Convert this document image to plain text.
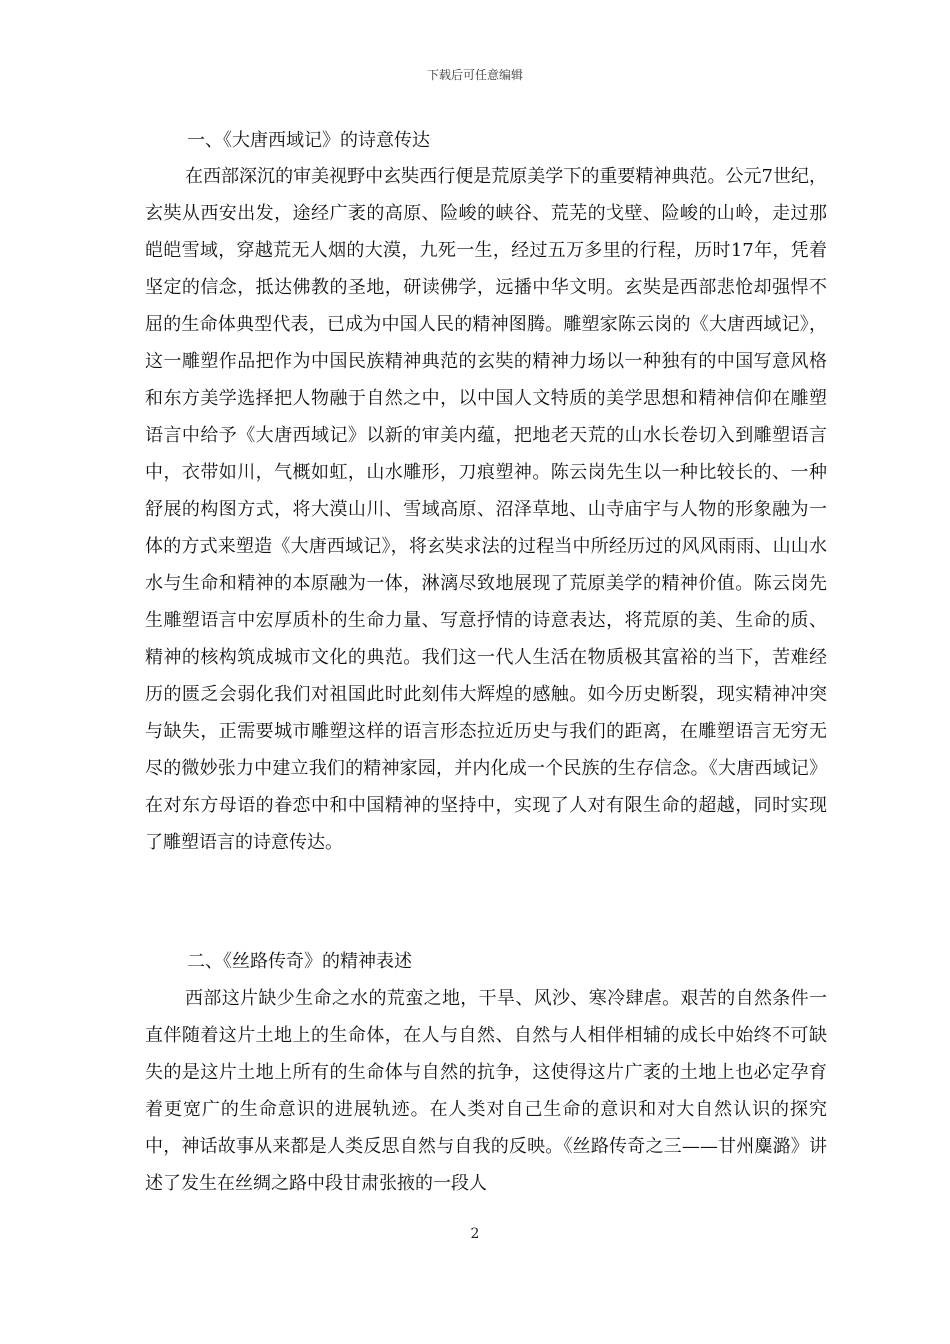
下载后可任意编辑
一、《大唐西域记》的诗意传达

在西部深沉的审美视野中玄奘西行便是荒原美学下的重要精神典范。公元7世纪，玄奘从西安出发，途经广袤的高原、险峻的峡谷、荒芜的戈壁、险峻的山岭，走过那皑皑雪域，穿越荒无人烟的大漠，九死一生，经过五万多里的行程，历时17年，凭着坚定的信念，抵达佛教的圣地，研读佛学，远播中华文明。玄奘是西部悲怆却强悍不屈的生命体典型代表，已成为中国人民的精神图腾。雕塑家陈云岗的《大唐西域记》，这一雕塑作品把作为中国民族精神典范的玄奘的精神力场以一种独有的中国写意风格和东方美学选择把人物融于自然之中，以中国人文特质的美学思想和精神信仰在雕塑语言中给予《大唐西域记》以新的审美内蕴，把地老天荒的山水长卷切入到雕塑语言中，衣带如川，气概如虹，山水雕形，刀痕塑神。陈云岗先生以一种比较长的、一种舒展的构图方式，将大漠山川、雪域高原、沼泽草地、山寺庙宇与人物的形象融为一体的方式来塑造《大唐西域记》，将玄奘求法的过程当中所经历过的风风雨雨、山山水水与生命和精神的本原融为一体，淋漓尽致地展现了荒原美学的精神价值。陈云岗先生雕塑语言中宏厚质朴的生命力量、写意抒情的诗意表达，将荒原的美、生命的质、精神的核构筑成城市文化的典范。我们这一代人生活在物质极其富裕的当下，苦难经历的匮乏会弱化我们对祖国此时此刻伟大辉煌的感触。如今历史断裂，现实精神冲突与缺失，正需要城市雕塑这样的语言形态拉近历史与我们的距离，在雕塑语言无穷无尽的微妙张力中建立我们的精神家园，并内化成一个民族的生存信念。《大唐西域记》在对东方母语的眷恋中和中国精神的坚持中，实现了人对有限生命的超越，同时实现了雕塑语言的诗意传达。

二、《丝路传奇》的精神表述

西部这片缺少生命之水的荒蛮之地，干旱、风沙、寒冷肆虐。艰苦的自然条件一直伴随着这片土地上的生命体，在人与自然、自然与人相伴相辅的成长中始终不可缺失的是这片土地上所有的生命体与自然的抗争，这使得这片广袤的土地上也必定孕育着更宽广的生命意识的进展轨迹。在人类对自己生命的意识和对大自然认识的探究中，神话故事从来都是人类反思自然与自我的反映。《丝路传奇之三——甘州麋潞》讲述了发生在丝绸之路中段甘肃张掖的一段人

2
